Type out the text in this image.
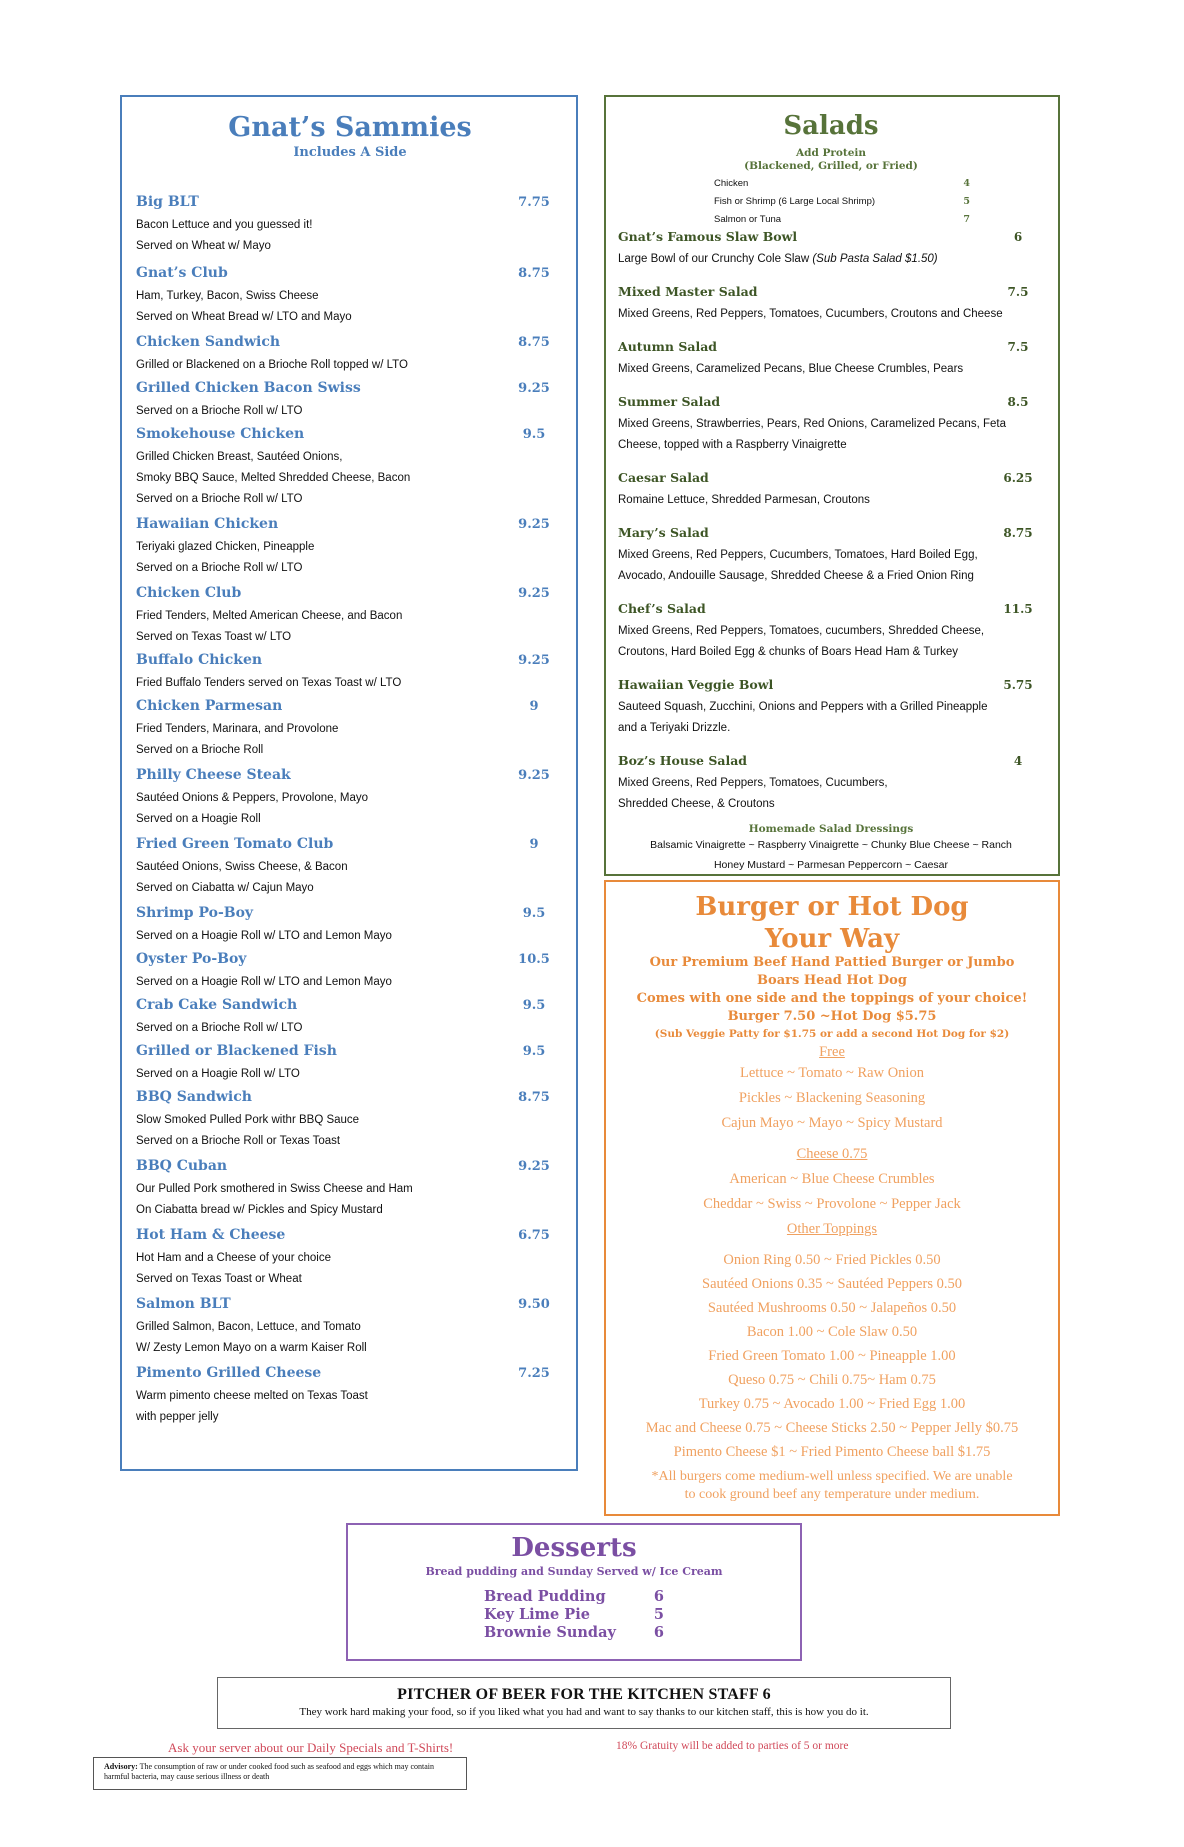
Gnat’s Sammies
Includes A Side
Big BLT	7.75
Bacon Lettuce and you guessed it!
Served on Wheat w/ Mayo
Gnat’s Club	8.75
Ham, Turkey, Bacon, Swiss Cheese
Served on Wheat Bread w/ LTO and Mayo
Chicken Sandwich	8.75
Grilled or Blackened on a Brioche Roll topped w/ LTO
Grilled Chicken Bacon Swiss	9.25
Served on a Brioche Roll w/ LTO
Smokehouse Chicken	9.5
Grilled Chicken Breast, Sautéed Onions,
Smoky BBQ Sauce, Melted Shredded Cheese, Bacon
Served on a Brioche Roll w/ LTO
Hawaiian Chicken	9.25
Teriyaki glazed Chicken, Pineapple
Served on a Brioche Roll w/ LTO
Chicken Club	9.25
Fried Tenders, Melted American Cheese, and Bacon
Served on Texas Toast w/ LTO
Buffalo Chicken	9.25
Fried Buffalo Tenders served on Texas Toast w/ LTO
Chicken Parmesan	9
Fried Tenders, Marinara, and Provolone
Served on a Brioche Roll
Philly Cheese Steak	9.25
Sautéed Onions & Peppers, Provolone, Mayo
Served on a Hoagie Roll
Fried Green Tomato Club	9
Sautéed Onions, Swiss Cheese, & Bacon
Served on Ciabatta w/ Cajun Mayo
Shrimp Po-Boy	9.5
Served on a Hoagie Roll w/ LTO and Lemon Mayo
Oyster Po-Boy	10.5
Served on a Hoagie Roll w/ LTO and Lemon Mayo
Crab Cake Sandwich	9.5
Served on a Brioche Roll w/ LTO
Grilled or Blackened Fish	9.5
Served on a Hoagie Roll w/ LTO
BBQ Sandwich	8.75
Slow Smoked Pulled Pork withr BBQ Sauce
Served on a Brioche Roll or Texas Toast
BBQ Cuban	9.25
Our Pulled Pork smothered in Swiss Cheese and Ham
On Ciabatta bread w/ Pickles and Spicy Mustard
Hot Ham & Cheese	6.75
Hot Ham and a Cheese of your choice
Served on Texas Toast or Wheat
Salmon BLT	9.50
Grilled Salmon, Bacon, Lettuce, and Tomato
W/ Zesty Lemon Mayo on a warm Kaiser Roll
Pimento Grilled Cheese	7.25
Warm pimento cheese melted on Texas Toast
with pepper jelly
Salads
Add Protein
(Blackened, Grilled, or Fried)
Chicken	4
Fish or Shrimp (6 Large Local Shrimp)	5
Salmon or Tuna	7
Gnat’s Famous Slaw Bowl	6
Large Bowl of our Crunchy Cole Slaw (Sub Pasta Salad $1.50)
Mixed Master Salad	7.5
Mixed Greens, Red Peppers, Tomatoes, Cucumbers, Croutons and Cheese
Autumn Salad	7.5
Mixed Greens, Caramelized Pecans, Blue Cheese Crumbles, Pears
Summer Salad	8.5
Mixed Greens, Strawberries, Pears, Red Onions, Caramelized Pecans, Feta
Cheese, topped with a Raspberry Vinaigrette
Caesar Salad	6.25
Romaine Lettuce, Shredded Parmesan, Croutons
Mary’s Salad	8.75
Mixed Greens, Red Peppers, Cucumbers, Tomatoes, Hard Boiled Egg,
Avocado, Andouille Sausage, Shredded Cheese & a Fried Onion Ring
Chef’s Salad	11.5
Mixed Greens, Red Peppers, Tomatoes, cucumbers, Shredded Cheese,
Croutons, Hard Boiled Egg & chunks of Boars Head Ham & Turkey
Hawaiian Veggie Bowl	5.75
Sauteed Squash, Zucchini, Onions and Peppers with a Grilled Pineapple
and a Teriyaki Drizzle.
Boz’s House Salad	4
Mixed Greens, Red Peppers, Tomatoes, Cucumbers,
Shredded Cheese, & Croutons
Homemade Salad Dressings
Balsamic Vinaigrette ~ Raspberry Vinaigrette ~ Chunky Blue Cheese ~ Ranch
Honey Mustard ~ Parmesan Peppercorn ~ Caesar
Burger or Hot Dog
Your Way
Our Premium Beef Hand Pattied Burger or Jumbo
Boars Head Hot Dog
Comes with one side and the toppings of your choice!
Burger 7.50 ~Hot Dog $5.75
(Sub Veggie Patty for $1.75 or add a second Hot Dog for $2)
Free
Lettuce ~ Tomato ~ Raw Onion
Pickles ~ Blackening Seasoning
Cajun Mayo ~ Mayo ~ Spicy Mustard
Cheese 0.75
American ~ Blue Cheese Crumbles
Cheddar ~ Swiss ~ Provolone ~ Pepper Jack
Other Toppings
Onion Ring 0.50 ~ Fried Pickles 0.50
Sautéed Onions 0.35 ~ Sautéed Peppers 0.50
Sautéed Mushrooms 0.50 ~ Jalapeños 0.50
Bacon 1.00 ~ Cole Slaw 0.50
Fried Green Tomato 1.00 ~ Pineapple 1.00
Queso 0.75 ~ Chili 0.75~ Ham 0.75
Turkey 0.75 ~ Avocado 1.00 ~ Fried Egg 1.00
Mac and Cheese 0.75 ~ Cheese Sticks 2.50 ~ Pepper Jelly $0.75
Pimento Cheese $1 ~ Fried Pimento Cheese ball $1.75
*All burgers come medium-well unless specified. We are unable
to cook ground beef any temperature under medium.
Desserts
Bread pudding and Sunday Served w/ Ice Cream
Bread Pudding	6
Key Lime Pie	5
Brownie Sunday	6
PITCHER OF BEER FOR THE KITCHEN STAFF 6
They work hard making your food, so if you liked what you had and want to say thanks to our kitchen staff, this is how you do it.
Ask your server about our Daily Specials and T-Shirts!	18% Gratuity will be added to parties of 5 or more
Advisory: The consumption of raw or under cooked food such as seafood and eggs which may contain harmful bacteria, may cause serious illness or death
